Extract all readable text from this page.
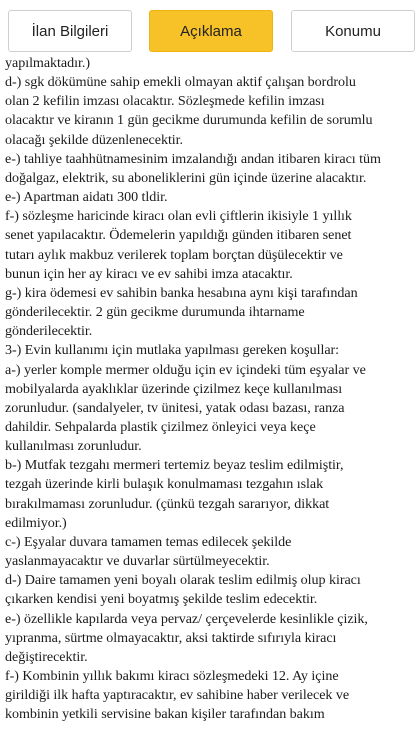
İlan Bilgileri	Açıklama	Konumu
yapılmaktadır.)
d-) sgk dökümüne sahip emekli olmayan aktif çalışan bordrolu
olan 2 kefilin imzası olacaktır. Sözleşmede kefilin imzası
olacaktır ve kiranın 1 gün gecikme durumunda kefilin de sorumlu
olacağı şekilde düzenlenecektir.
e-) tahliye taahhütnamesinim imzalandığı andan itibaren kiracı tüm
doğalgaz, elektrik, su aboneliklerini gün içinde üzerine alacaktır.
e-) Apartman aidatı 300 tldir.
f-) sözleşme haricinde kiracı olan evli çiftlerin ikisiyle 1 yıllık
senet yapılacaktır. Ödemelerin yapıldığı günden itibaren senet
tutarı aylık makbuz verilerek toplam borçtan düşülecektir ve
bunun için her ay kiracı ve ev sahibi imza atacaktır.
g-) kira ödemesi ev sahibin banka hesabına aynı kişi tarafından
gönderilecektir. 2 gün gecikme durumunda ihtarname
gönderilecektir.
3-) Evin kullanımı için mutlaka yapılması gereken koşullar:
a-) yerler komple mermer olduğu için ev içindeki tüm eşyalar ve
mobilyalarda ayaklıklar üzerinde çizilmez keçe kullanılması
zorunludur. (sandalyeler, tv ünitesi, yatak odası bazası, ranza
dahildir. Sehpalarda plastik çizilmez önleyici veya keçe
kullanılması zorunludur.
b-) Mutfak tezgahı mermeri tertemiz beyaz teslim edilmiştir,
tezgah üzerinde kirli bulaşık konulmaması tezgahın ıslak
bırakılmaması zorunludur. (çünkü tezgah sararıyor, dikkat
edilmiyor.)
c-) Eşyalar duvara tamamen temas edilecek şekilde
yaslanmayacaktır ve duvarlar sürtülmeyecektir.
d-) Daire tamamen yeni boyalı olarak teslim edilmiş olup kiracı
çıkarken kendisi yeni boyatmış şekilde teslim edecektir.
e-) özellikle kapılarda veya pervaz/ çerçevelerde kesinlikle çizik,
yıpranma, sürtme olmayacaktır, aksi taktirde sıfırıyla kiracı
değiştirecektir.
f-) Kombinin yıllık bakımı kiracı sözleşmedeki 12. Ay içine
girildiği ilk hafta yaptıracaktır, ev sahibine haber verilecek ve
kombinin yetkili servisine bakan kişiler tarafından bakım
